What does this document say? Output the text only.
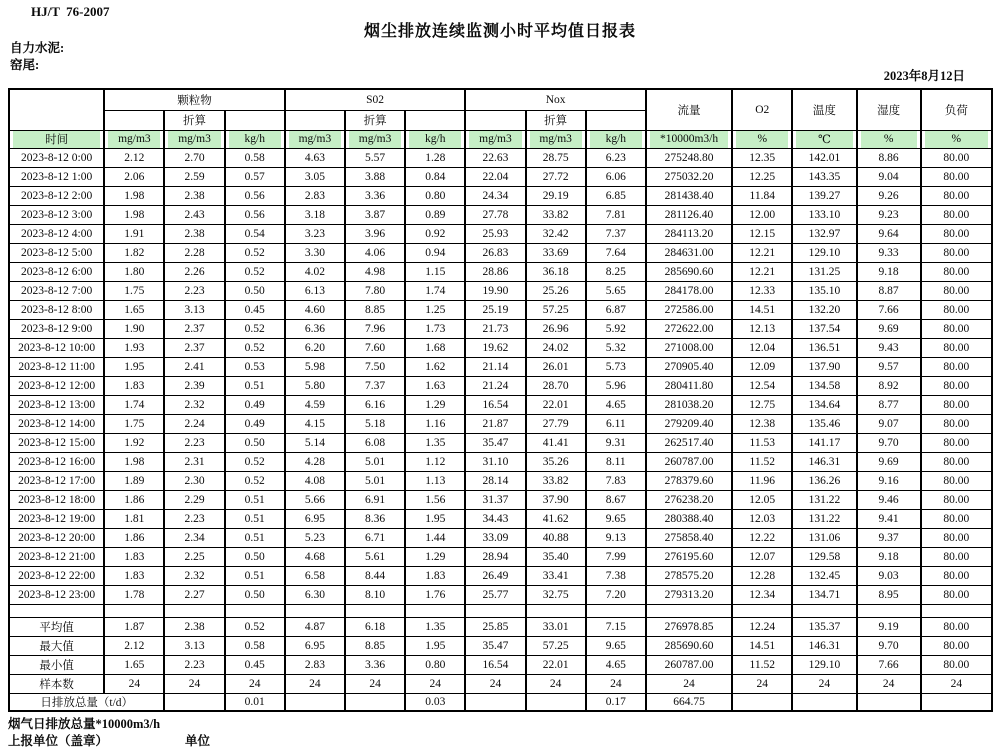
HJ/T  76-2007
烟尘排放连续监测小时平均值日报表
自力水泥:
窑尾:
2023年8月12日
	颗粒物			S02			Nox			流量	O2	温度	湿度	负荷
		折算			折算			折算						
时间	mg/m3	mg/m3	kg/h	mg/m3	mg/m3	kg/h	mg/m3	mg/m3	kg/h	*10000m3/h	%	℃	%	%
2023-8-12 0:00	2.12	2.70	0.58	4.63	5.57	1.28	22.63	28.75	6.23	275248.80	12.35	142.01	8.86	80.00
2023-8-12 1:00	2.06	2.59	0.57	3.05	3.88	0.84	22.04	27.72	6.06	275032.20	12.25	143.35	9.04	80.00
2023-8-12 2:00	1.98	2.38	0.56	2.83	3.36	0.80	24.34	29.19	6.85	281438.40	11.84	139.27	9.26	80.00
2023-8-12 3:00	1.98	2.43	0.56	3.18	3.87	0.89	27.78	33.82	7.81	281126.40	12.00	133.10	9.23	80.00
2023-8-12 4:00	1.91	2.38	0.54	3.23	3.96	0.92	25.93	32.42	7.37	284113.20	12.15	132.97	9.64	80.00
2023-8-12 5:00	1.82	2.28	0.52	3.30	4.06	0.94	26.83	33.69	7.64	284631.00	12.21	129.10	9.33	80.00
2023-8-12 6:00	1.80	2.26	0.52	4.02	4.98	1.15	28.86	36.18	8.25	285690.60	12.21	131.25	9.18	80.00
2023-8-12 7:00	1.75	2.23	0.50	6.13	7.80	1.74	19.90	25.26	5.65	284178.00	12.33	135.10	8.87	80.00
2023-8-12 8:00	1.65	3.13	0.45	4.60	8.85	1.25	25.19	57.25	6.87	272586.00	14.51	132.20	7.66	80.00
2023-8-12 9:00	1.90	2.37	0.52	6.36	7.96	1.73	21.73	26.96	5.92	272622.00	12.13	137.54	9.69	80.00
2023-8-12 10:00	1.93	2.37	0.52	6.20	7.60	1.68	19.62	24.02	5.32	271008.00	12.04	136.51	9.43	80.00
2023-8-12 11:00	1.95	2.41	0.53	5.98	7.50	1.62	21.14	26.01	5.73	270905.40	12.09	137.90	9.57	80.00
2023-8-12 12:00	1.83	2.39	0.51	5.80	7.37	1.63	21.24	28.70	5.96	280411.80	12.54	134.58	8.92	80.00
2023-8-12 13:00	1.74	2.32	0.49	4.59	6.16	1.29	16.54	22.01	4.65	281038.20	12.75	134.64	8.77	80.00
2023-8-12 14:00	1.75	2.24	0.49	4.15	5.18	1.16	21.87	27.79	6.11	279209.40	12.38	135.46	9.07	80.00
2023-8-12 15:00	1.92	2.23	0.50	5.14	6.08	1.35	35.47	41.41	9.31	262517.40	11.53	141.17	9.70	80.00
2023-8-12 16:00	1.98	2.31	0.52	4.28	5.01	1.12	31.10	35.26	8.11	260787.00	11.52	146.31	9.69	80.00
2023-8-12 17:00	1.89	2.30	0.52	4.08	5.01	1.13	28.14	33.82	7.83	278379.60	11.96	136.26	9.16	80.00
2023-8-12 18:00	1.86	2.29	0.51	5.66	6.91	1.56	31.37	37.90	8.67	276238.20	12.05	131.22	9.46	80.00
2023-8-12 19:00	1.81	2.23	0.51	6.95	8.36	1.95	34.43	41.62	9.65	280388.40	12.03	131.22	9.41	80.00
2023-8-12 20:00	1.86	2.34	0.51	5.23	6.71	1.44	33.09	40.88	9.13	275858.40	12.22	131.06	9.37	80.00
2023-8-12 21:00	1.83	2.25	0.50	4.68	5.61	1.29	28.94	35.40	7.99	276195.60	12.07	129.58	9.18	80.00
2023-8-12 22:00	1.83	2.32	0.51	6.58	8.44	1.83	26.49	33.41	7.38	278575.20	12.28	132.45	9.03	80.00
2023-8-12 23:00	1.78	2.27	0.50	6.30	8.10	1.76	25.77	32.75	7.20	279313.20	12.34	134.71	8.95	80.00

平均值	1.87	2.38	0.52	4.87	6.18	1.35	25.85	33.01	7.15	276978.85	12.24	135.37	9.19	80.00
最大值	2.12	3.13	0.58	6.95	8.85	1.95	35.47	57.25	9.65	285690.60	14.51	146.31	9.70	80.00
最小值	1.65	2.23	0.45	2.83	3.36	0.80	16.54	22.01	4.65	260787.00	11.52	129.10	7.66	80.00
样本数	24	24	24	24	24	24	24	24	24	24	24	24	24	24
日排放总量（t/d）			0.01			0.03			0.17	664.75				
烟气日排放总量*10000m3/h
上报单位（盖章）	单位
